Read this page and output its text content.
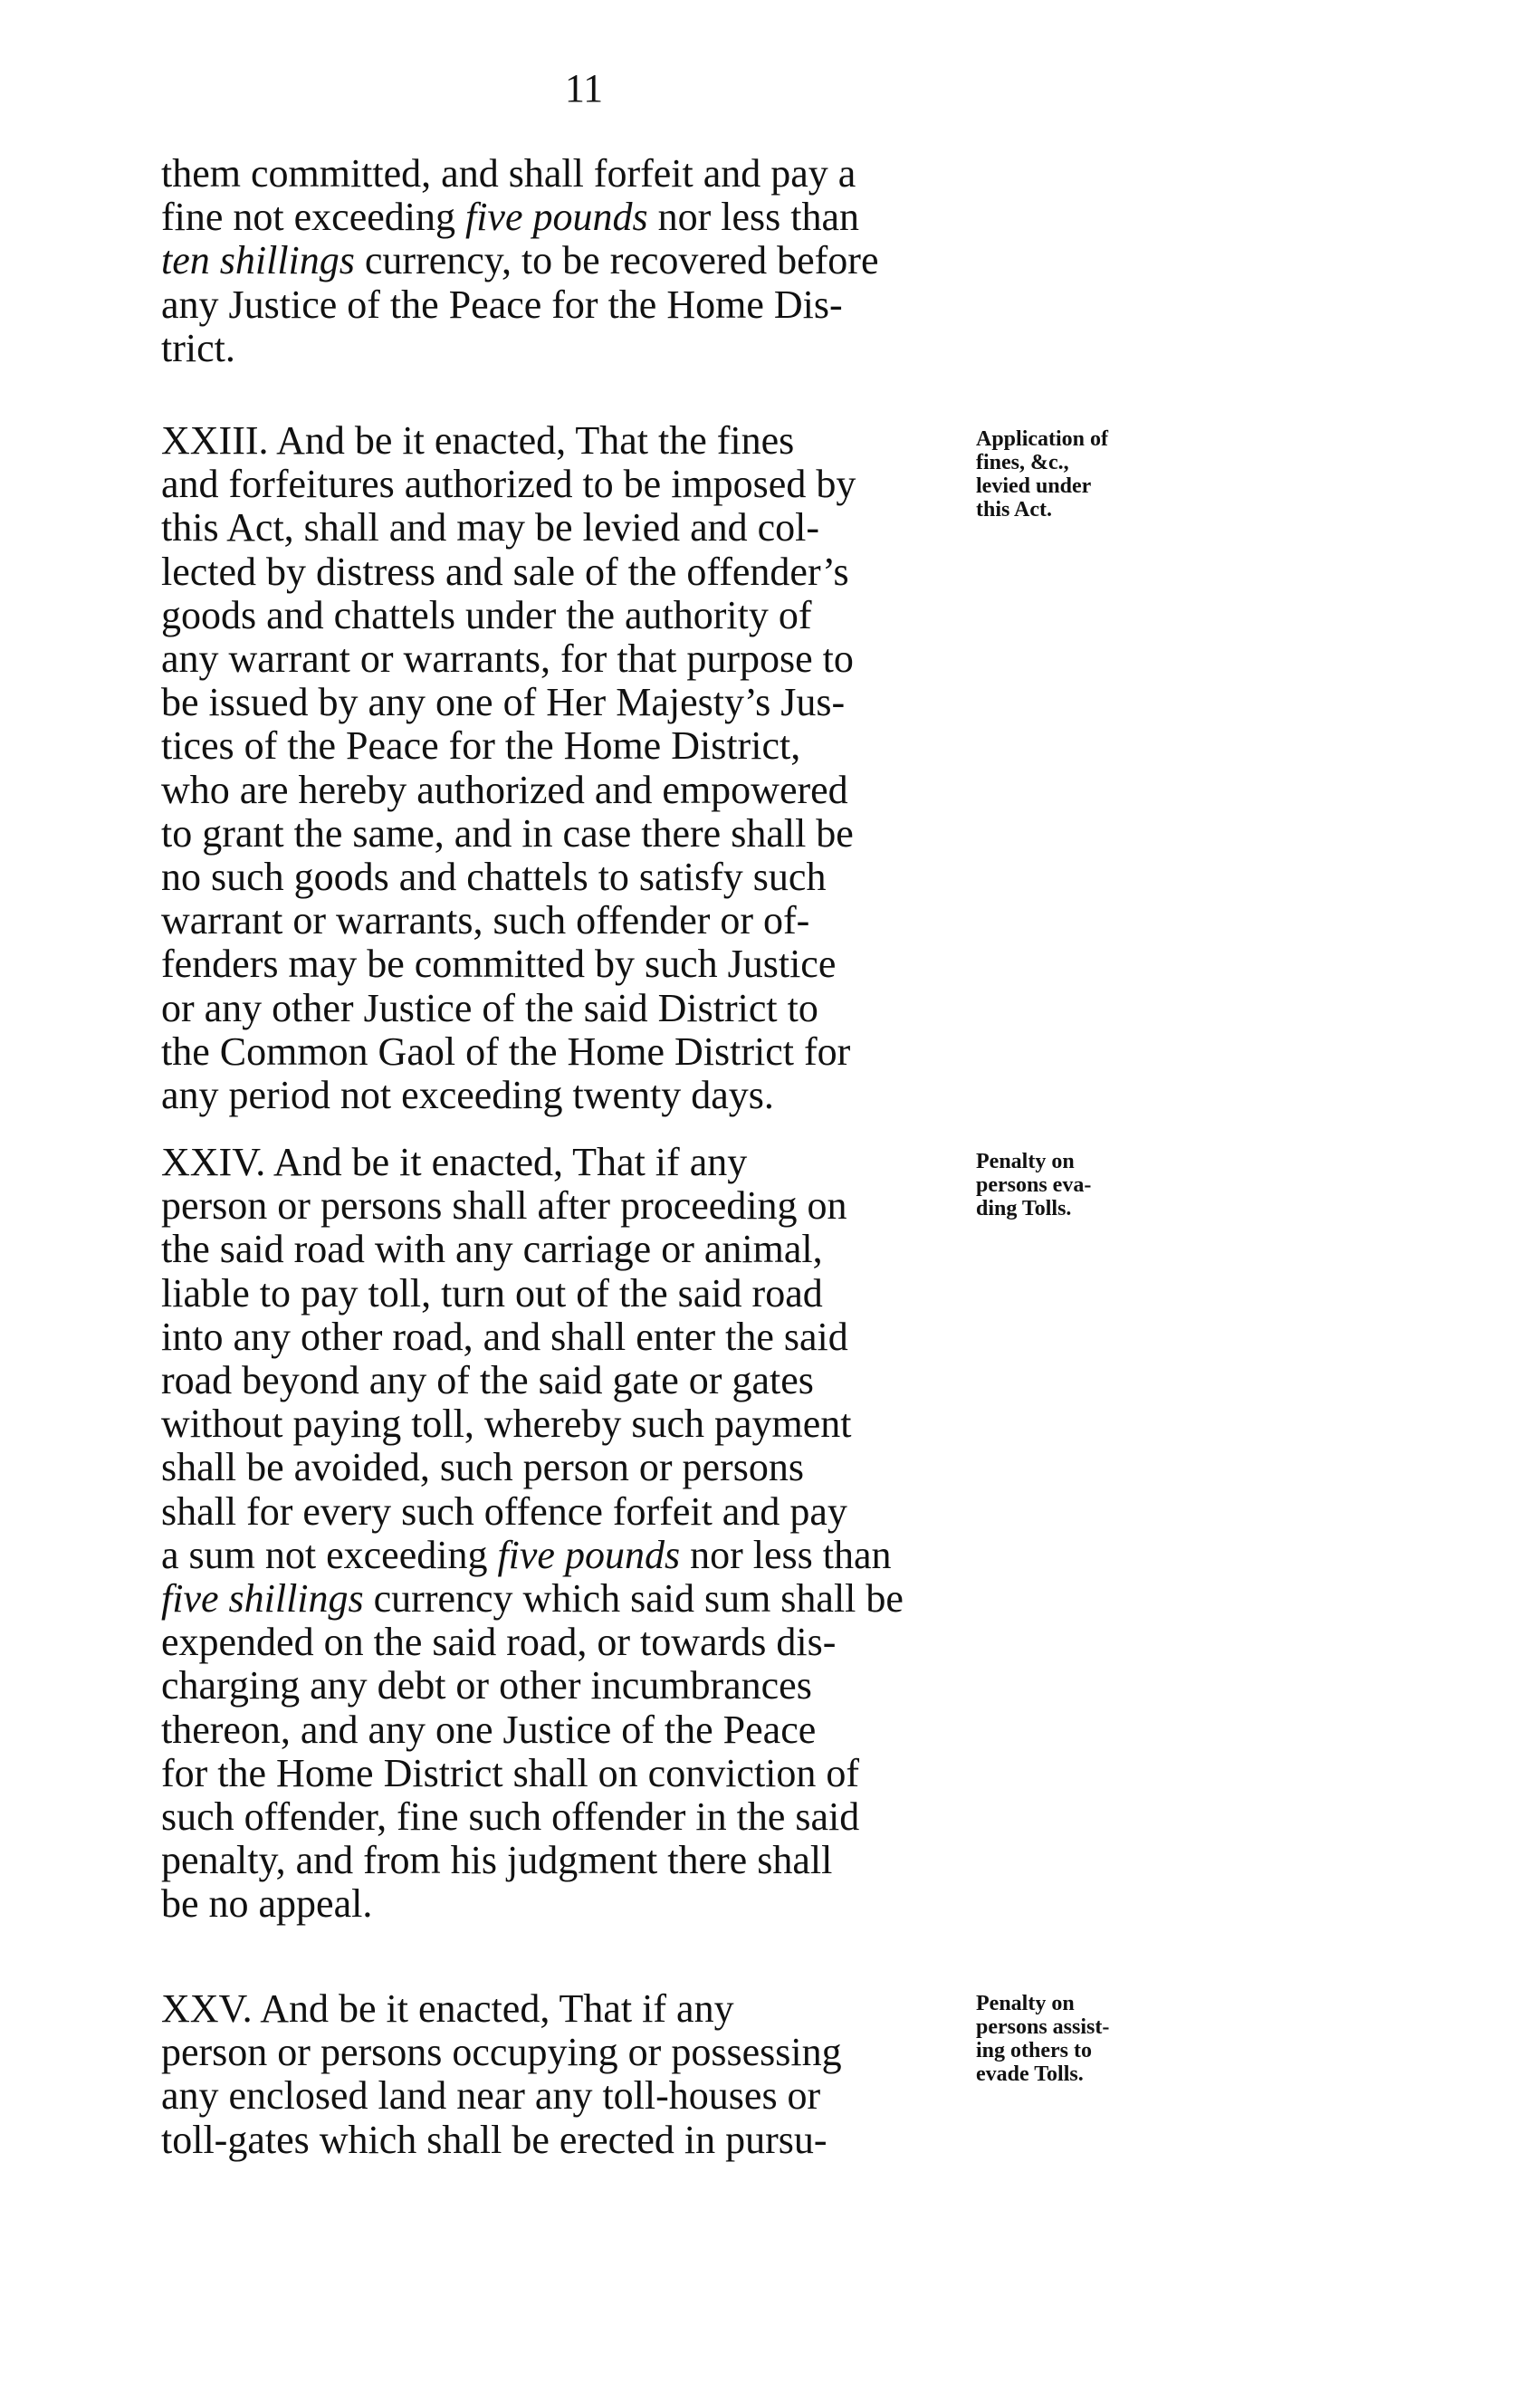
11
them committed, and shall forfeit and pay a
fine not exceeding five pounds nor less than
ten shillings currency, to be recovered before
any Justice of the Peace for the Home Dis-
trict.
XXIII. And be it enacted, That the fines
and forfeitures authorized to be imposed by
this Act, shall and may be levied and col-
lected by distress and sale of the offender’s
goods and chattels under the authority of
any warrant or warrants, for that purpose to
be issued by any one of Her Majesty’s Jus-
tices of the Peace for the Home District,
who are hereby authorized and empowered
to grant the same, and in case there shall be
no such goods and chattels to satisfy such
warrant or warrants, such offender or of-
fenders may be committed by such Justice
or any other Justice of the said District to
the Common Gaol of the Home District for
any period not exceeding twenty days.
Application of
fines, &c.,
levied under
this Act.
XXIV. And be it enacted, That if any
person or persons shall after proceeding on
the said road with any carriage or animal,
liable to pay toll, turn out of the said road
into any other road, and shall enter the said
road beyond any of the said gate or gates
without paying toll, whereby such payment
shall be avoided, such person or persons
shall for every such offence forfeit and pay
a sum not exceeding five pounds nor less than
five shillings currency which said sum shall be
expended on the said road, or towards dis-
charging any debt or other incumbrances
thereon, and any one Justice of the Peace
for the Home District shall on conviction of
such offender, fine such offender in the said
penalty, and from his judgment there shall
be no appeal.
Penalty on
persons eva-
ding Tolls.
XXV. And be it enacted, That if any
person or persons occupying or possessing
any enclosed land near any toll-houses or
toll-gates which shall be erected in pursu-
Penalty on
persons assist-
ing others to
evade Tolls.
